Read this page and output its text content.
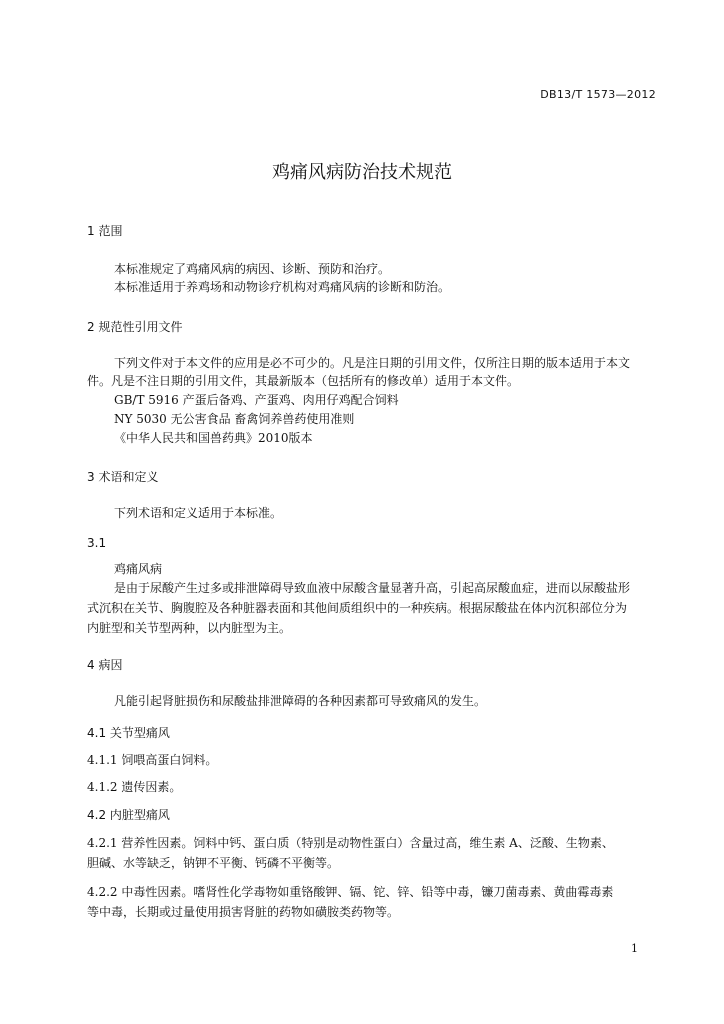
DB13/T 1573—2012
鸡痛风病防治技术规范
1 范围
本标准规定了鸡痛风病的病因、诊断、预防和治疗。
本标准适用于养鸡场和动物诊疗机构对鸡痛风病的诊断和防治。
2 规范性引用文件
下列文件对于本文件的应用是必不可少的。凡是注日期的引用文件，仅所注日期的版本适用于本文
件。凡是不注日期的引用文件，其最新版本（包括所有的修改单）适用于本文件。
GB/T 5916 产蛋后备鸡、产蛋鸡、肉用仔鸡配合饲料
NY 5030 无公害食品 畜禽饲养兽药使用准则
《中华人民共和国兽药典》2010版本
3 术语和定义
下列术语和定义适用于本标准。
3.1
鸡痛风病
是由于尿酸产生过多或排泄障碍导致血液中尿酸含量显著升高，引起高尿酸血症，进而以尿酸盐形
式沉积在关节、胸腹腔及各种脏器表面和其他间质组织中的一种疾病。根据尿酸盐在体内沉积部位分为
内脏型和关节型两种，以内脏型为主。
4 病因
凡能引起肾脏损伤和尿酸盐排泄障碍的各种因素都可导致痛风的发生。
4.1 关节型痛风
4.1.1 饲喂高蛋白饲料。
4.1.2 遗传因素。
4.2 内脏型痛风
4.2.1 营养性因素。饲料中钙、蛋白质（特别是动物性蛋白）含量过高，维生素 A、泛酸、生物素、
胆碱、水等缺乏，钠钾不平衡、钙磷不平衡等。
4.2.2 中毒性因素。嗜肾性化学毒物如重铬酸钾、镉、铊、锌、铅等中毒，镰刀菌毒素、黄曲霉毒素
等中毒，长期或过量使用损害肾脏的药物如磺胺类药物等。
1
